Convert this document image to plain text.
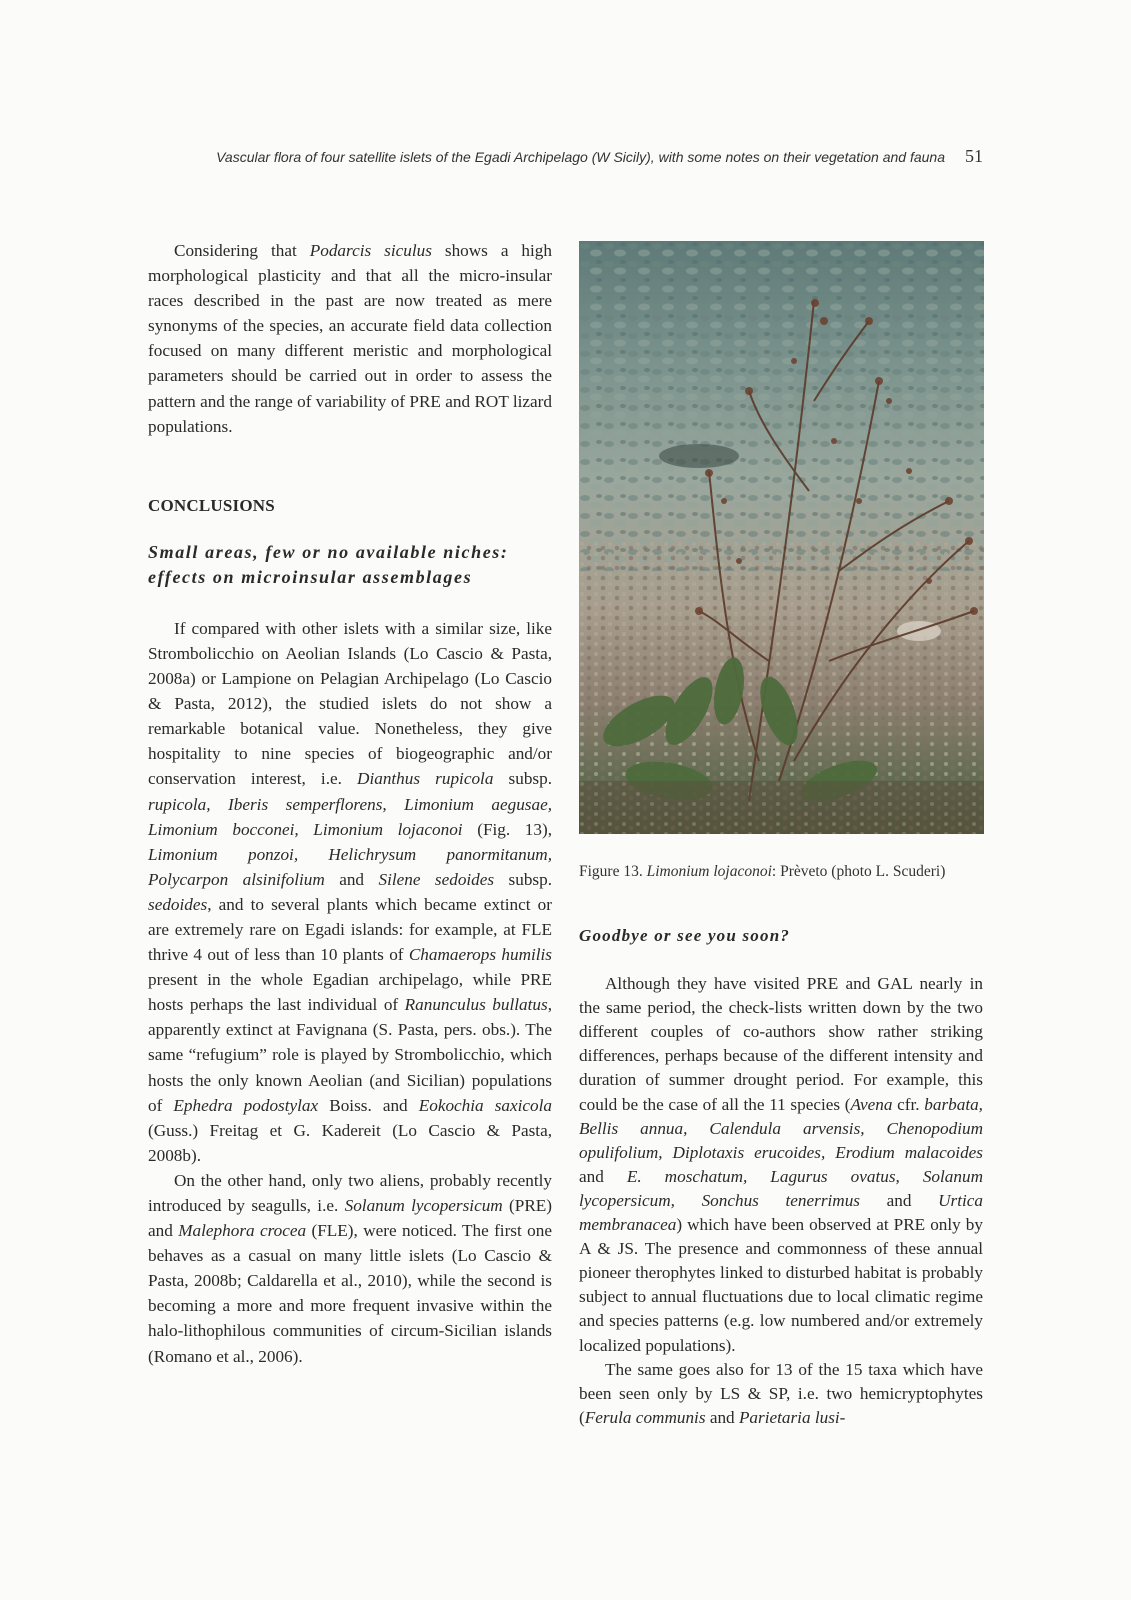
Vascular flora of four satellite islets of the Egadi Archipelago (W Sicily), with some notes on their vegetation and fauna 51

Considering that Podarcis siculus shows a high morphological plasticity and that all the micro-insular races described in the past are now treated as mere synonyms of the species, an accurate field data collection focused on many different meristic and morphological parameters should be carried out in order to assess the pattern and the range of variability of PRE and ROT lizard populations.

CONCLUSIONS
Small areas, few or no available niches: effects on microinsular assemblages

If compared with other islets with a similar size, like Strombolicchio on Aeolian Islands (Lo Cascio & Pasta, 2008a) or Lampione on Pelagian Archipelago (Lo Cascio & Pasta, 2012), the studied islets do not show a remarkable botanical value. Nonetheless, they give hospitality to nine species of biogeographic and/or conservation interest, i.e. Dianthus rupicola subsp. rupicola, Iberis semperflorens, Limonium aegusae, Limonium bocconei, Limonium lojaconoi (Fig. 13), Limonium ponzoi, Helichrysum panormitanum, Polycarpon alsinifolium and Silene sedoides subsp. sedoides, and to several plants which became extinct or are extremely rare on Egadi islands: for example, at FLE thrive 4 out of less than 10 plants of Chamaerops humilis present in the whole Egadian archipelago, while PRE hosts perhaps the last individual of Ranunculus bullatus, apparently extinct at Favignana (S. Pasta, pers. obs.). The same “refugium” role is played by Strombolicchio, which hosts the only known Aeolian (and Sicilian) populations of Ephedra podostylax Boiss. and Eokochia saxicola (Guss.) Freitag et G. Kadereit (Lo Cascio & Pasta, 2008b).

On the other hand, only two aliens, probably recently introduced by seagulls, i.e. Solanum lycopersicum (PRE) and Malephora crocea (FLE), were noticed. The first one behaves as a casual on many little islets (Lo Cascio & Pasta, 2008b; Caldarella et al., 2010), while the second is becoming a more and more frequent invasive within the halo-lithophilous communities of circum-Sicilian islands (Romano et al., 2006).

Figure 13. Limonium lojaconoi: Prèveto (photo L. Scuderi)
Goodbye or see you soon?

Although they have visited PRE and GAL nearly in the same period, the check-lists written down by the two different couples of co-authors show rather striking differences, perhaps because of the different intensity and duration of summer drought period. For example, this could be the case of all the 11 species (Avena cfr. barbata, Bellis annua, Calendula arvensis, Chenopodium opulifolium, Diplotaxis erucoides, Erodium malacoides and E. moschatum, Lagurus ovatus, Solanum lycopersicum, Sonchus tenerrimus and Urtica membranacea) which have been observed at PRE only by A & JS. The presence and commonness of these annual pioneer therophytes linked to disturbed habitat is probably subject to annual fluctuations due to local climatic regime and species patterns (e.g. low numbered and/or extremely localized populations).

The same goes also for 13 of the 15 taxa which have been seen only by LS & SP, i.e. two hemicryptophytes (Ferula communis and Parietaria lusi-
